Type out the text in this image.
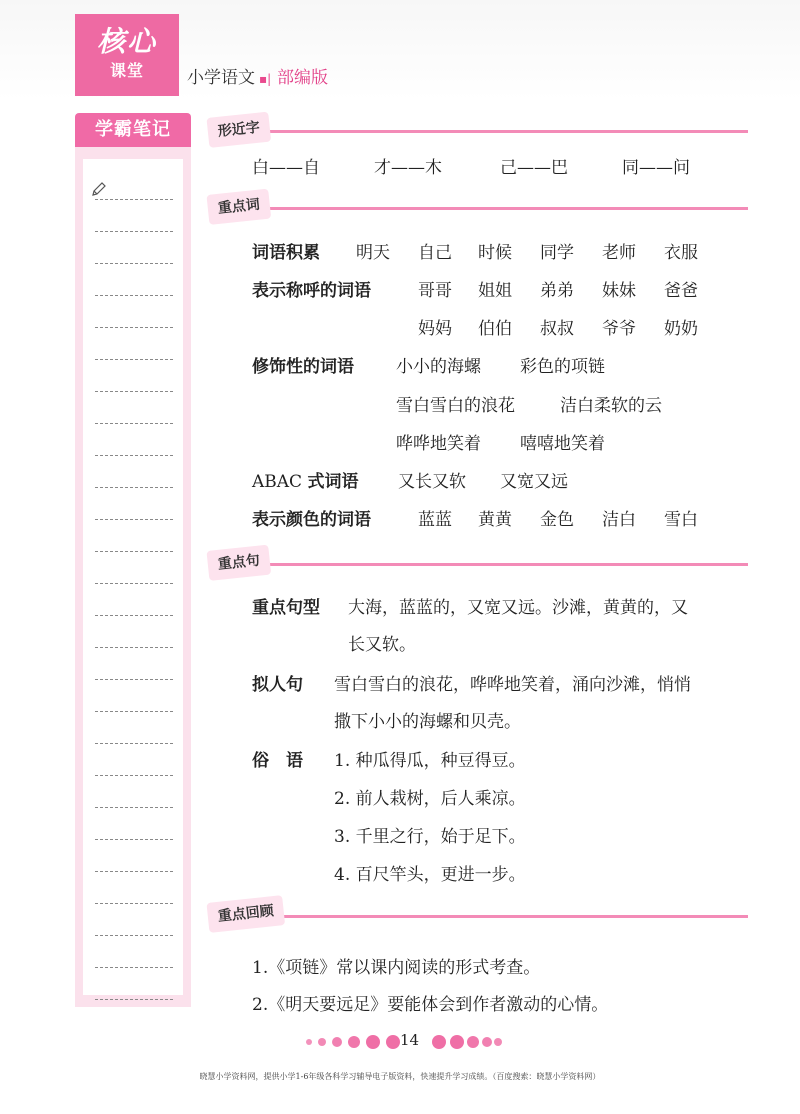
核心
课堂	小学语文 ▪| 部编版
学霸笔记	形近字
白——自	才——木	己——巴	同——问
重点词
词语积累 明天 自己 时候 同学 老师 衣服
表示称呼的词语	哥哥 姐姐 弟弟 妹妹 爸爸
妈妈 伯伯 叔叔 爷爷 奶奶
修饰性的词语 小小的海螺 彩色的项链
雪白雪白的浪花	洁白柔软的云
哗哗地笑着 嘻嘻地笑着
ABAC 式词语 又长又软 又宽又远
表示颜色的词语	蓝蓝 黄黄 金色 洁白 雪白
重点句
重点句型 大海，蓝蓝的，又宽又远。沙滩，黄黄的，又
长又软。
拟人句 雪白雪白的浪花，哗哗地笑着，涌向沙滩，悄悄
撒下小小的海螺和贝壳。
俗　语 1. 种瓜得瓜，种豆得豆。
2. 前人栽树，后人乘凉。
3. 千里之行，始于足下。
4. 百尺竿头，更进一步。
重点回顾
1.《项链》常以课内阅读的形式考查。
2.《明天要远足》要能体会到作者激动的心情。
14
晓慧小学资料网，提供小学1-6年级各科学习辅导电子版资料，快速提升学习成绩。（百度搜索：晓慧小学资料网）
